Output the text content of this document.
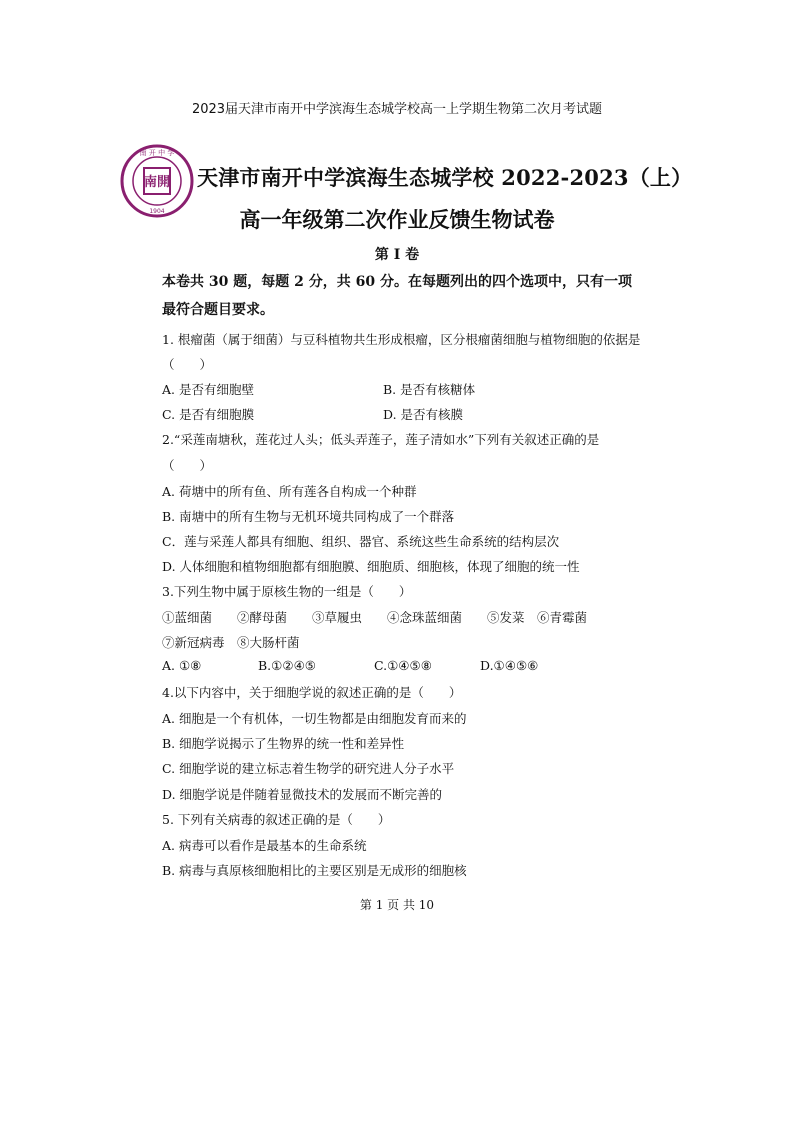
2023届天津市南开中学滨海生态城学校高一上学期生物第二次月考试题
南開
南 开 中 学
1904
天津市南开中学滨海生态城学校 2022-2023（上）
高一年级第二次作业反馈生物试卷
第 I 卷
本卷共 30 题，每题 2 分，共 60 分。在每题列出的四个选项中，只有一项
最符合题目要求。
1. 根瘤菌（属于细菌）与豆科植物共生形成根瘤，区分根瘤菌细胞与植物细胞的依据是
（　　）
A. 是否有细胞壁	B. 是否有核糖体
C. 是否有细胞膜	D. 是否有核膜
2.“采莲南塘秋，莲花过人头；低头弄莲子，莲子清如水”下列有关叙述正确的是
（　　）
A. 荷塘中的所有鱼、所有莲各自构成一个种群
B. 南塘中的所有生物与无机环境共同构成了一个群落
C．莲与采莲人都具有细胞、组织、器官、系统这些生命系统的结构层次
D. 人体细胞和植物细胞都有细胞膜、细胞质、细胞核，体现了细胞的统一性
3.下列生物中属于原核生物的一组是（　　）
①蓝细菌　　②酵母菌　　③草履虫　　④念珠蓝细菌　　⑤发菜　⑥青霉菌
⑦新冠病毒　⑧大肠杆菌
A. ①⑧	B.①②④⑤	C.①④⑤⑧	D.①④⑤⑥
4.以下内容中，关于细胞学说的叙述正确的是（　　）
A. 细胞是一个有机体，一切生物都是由细胞发育而来的
B. 细胞学说揭示了生物界的统一性和差异性
C. 细胞学说的建立标志着生物学的研究进人分子水平
D. 细胞学说是伴随着显微技术的发展而不断完善的
5. 下列有关病毒的叙述正确的是（　　）
A. 病毒可以看作是最基本的生命系统
B. 病毒与真原核细胞相比的主要区别是无成形的细胞核
第 1 页 共 10
